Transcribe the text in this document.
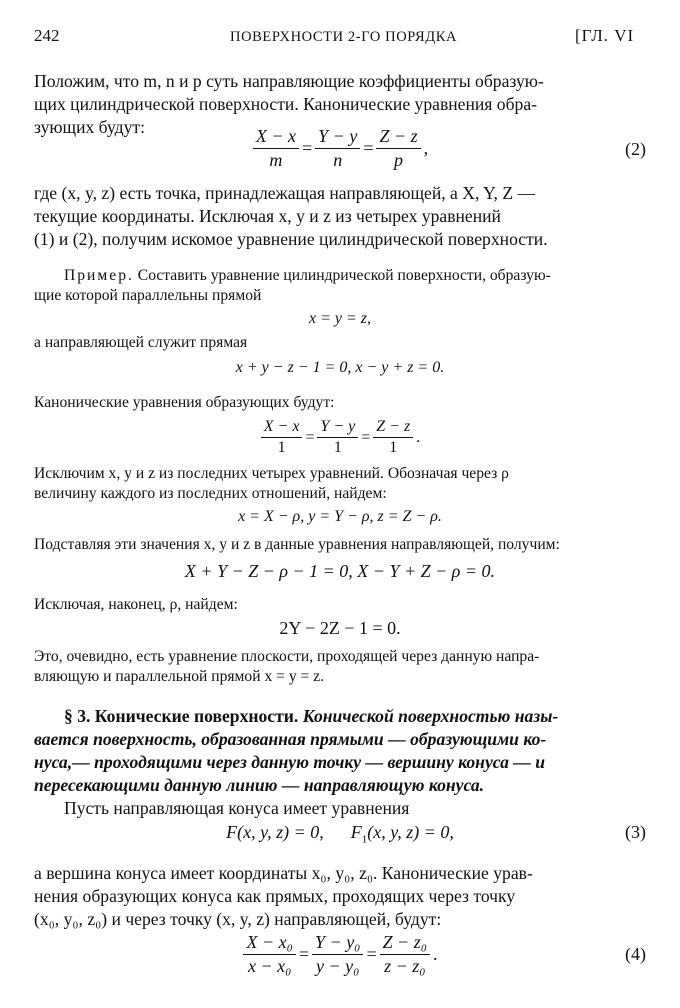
242	ПОВЕРХНОСТИ 2-ГО ПОРЯДКА	[ГЛ. VI
Положим, что m, n и p суть направляющие коэффициенты образую-
щих цилиндрической поверхности. Канонические уравнения обра-
зующих будут:	$\frac{X - x}{m} = \frac{Y - y}{n} = \frac{Z - z}{p}$ ,	(2)
где (x, y, z) есть точка, принадлежащая направляющей, а X, Y, Z —
текущие координаты. Исключая x, y и z из четырех уравнений
(1) и (2), получим искомое уравнение цилиндрической поверхности.
Пример. Составить уравнение цилиндрической поверхности, образую-
щие которой параллельны прямой
x = y = z,
а направляющей служит прямая
x + y − z − 1 = 0, x − y + z = 0.
Канонические уравнения образующих будут:
$\frac{X - x}{1} = \frac{Y - y}{1} = \frac{Z - z}{1}$ .
Исключим x, y и z из последних четырех уравнений. Обозначая через ρ
величину каждого из последних отношений, найдем:
x = X − ρ, y = Y − ρ, z = Z − ρ.
Подставляя эти значения x, y и z в данные уравнения направляющей, получим:
X + Y − Z − ρ − 1 = 0, X − Y + Z − ρ = 0.
Исключая, наконец, ρ, найдем:
2Y − 2Z − 1 = 0.
Это, очевидно, есть уравнение плоскости, проходящей через данную напра-
вляющую и параллельной прямой x = y = z.
§ 3. Конические поверхности. Конической поверхностью назы-
вается поверхность, образованная прямыми — образующими ко-
нуса,— проходящими через данную точку — вершину конуса — и
пересекающими данную линию — направляющую конуса.
Пусть направляющая конуса имеет уравнения
F(x, y, z) = 0, $F_1(x$, y, z) = 0,	(3)
а вершина конуса имеет координаты x₀, y₀, z₀. Канонические урав-
нения образующих конуса как прямых, проходящих через точку
(x₀, y₀, z₀) и через точку (x, y, z) направляющей, будут:
$\frac{\text{X − x₀}}{\text{x − x₀}} = \frac{\text{Y − y₀}}{\text{y − y₀}} = \frac{\text{Z − z₀}}{\text{z − z₀}}$ .	(4)
